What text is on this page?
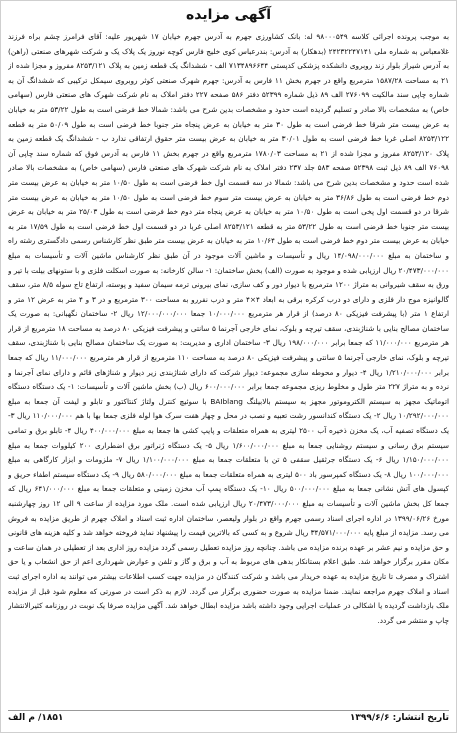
آگهی مزایده
به موجب پرونده اجرائی کلاسه ۹۸۰۰۰۵۴۹ له: بانک کشاورزی جهرم به آدرس جهرم خیابان ۱۷ شهریور علیه: آقای فرامرز چشم براه فرزند غلامعباس به شماره ملی ۲۴۲۳۲۲۴۷۱۴۱ (بدهکار) به آدرس: بندرعباس کوی خلیج فارس کوچه نوروز یک پلاک یک و شرکت شهرهای صنعتی (راهن) به آدرس شیراز بلوار زند روبروی دانشکده پزشکی کدپستی ۷۱۳۴۸۹۶۶۴۴ الف - ششدانگ یک قطعه زمین به پلاک ۸۲۵۳/۱۲۱ مفروز و مجزا شده از ۲۱ به مساحت ۱۵۸۷/۲۸ مترمربع واقع در جهرم بخش ۱۱ فارس به آدرس: جهرم شهرک صنعتی کوثر روبروی سیمکل ترکیبی که ششدانگ آن به شماره چاپی سند مالکیت ۲۷۶۰۹۹ الف ۸۹ ذیل شماره ۵۲۳۹۹ دفتر ۵۸۶ صفحه ۲۲۷ دفتر املاک به نام شرکت شهرک های صنعتی فارس (سهامی خاص) به مشخصات بالا صادر و تسلیم گردیده است حدود و مشخصات بدین شرح می باشد: شمالا خط فرضی است به طول ۵۳/۲۲ متر به خیابان به عرض بیست متر شرقا خط فرضی است به طول ۳۰ متر به خیابان به عرض پنجاه متر جنوبا خط فرضی است به طول ۵۰/۰۹ متر به قطعه ۸۲۵۳/۱۲۲ اصلی غربا خط فرضی است به طول ۳۰/۰۱ متر به خیابان به عرض بیست متر حقوق ارتفاقی ندارد ب - ششدانگ یک قطعه زمین به پلاک ۸۲۵۳/۱۲۰ مفروز و مجزا شده از ۲۱ به مساحت ۱۷۸۰/۰۳ مترمربع واقع در جهرم بخش ۱۱ فارس به آدرس فوق که شماره سند چاپی آن ۷۶۰۹۸ الف ۸۹ ذیل ثبت ۵۲۳۹۸ صفحه ۵۸۳ جلد ۲۳۷ دفتر املاک به نام شرکت شهرک های صنعتی فارس (سهامی خاص) به مشخصات بالا صادر شده است حدود و مشخصات بدین شرح می باشد: شمالا در سه قسمت اول خط فرضی است به طول ۱۰/۵۰ متر به خیابان به عرض بیست متر دوم خط فرضی است به طول ۳۶/۸۶ متر به خیابان به عرض بیست متر سوم خط فرضی است به طول ۱۰/۵۰ متر به خیابان به عرض بیست متر شرقا در دو قسمت اول پخی است به طول ۱۰/۵۰ متر به خیابان به عرض پنجاه متر دوم خط فرضی است به طول ۲۵/۰۳ متر به خیابان به عرض بیست متر جنوبا خط فرضی است به طول ۵۳/۲۲ متر به قطعه ۸۲۵۳/۱۲۱ اصلی غربا در دو قسمت اول خط فرضی است به طول ۱۷/۵۹ متر به خیابان به عرض بیست متر دوم خط فرضی است به طول ۱۰/۶۴ متر به خیابان به عرض بیست متر طبق نظر کارشناس رسمی دادگستری رشته راه و ساختمان به مبلغ ۱۴/۰۹۸/۰۰۰/۰۰۰ ریال و تأسیسات و ماشین آلات موجود در آن طبق نظر کارشناس ماشین آلات و تأسیسات به مبلغ ۲۰/۴۷۳/۰۰۰/۰۰۰ ریال ارزیابی شده و موجود به صورت (الف) بخش ساختمان: ۱- سالن کارخانه: به صورت اسکلت فلزی و با ستونهای بیلت با تیر و ورق به سقف شیروانی به متراژ ۱۲۰۰ مترمربع با دیوار دور و کف سازی، نمای بیرونی ترمه سیمان سفید و پوسته، ارتفاع تاج سوله ۸/۵ متر، سقف گالوانیزه موج دار فلزی و دارای دو درب کرکره برقی به ابعاد ۴×۴ متر و درب نفررو به مساحت ۳۰۰ مترمربع و در ۳ و ۴ متر به عرض ۱۲ متر و ارتفاع ۱ متر (با پیشرفت فیزیکی ۸۰ درصد) از قرار هر مترمربع ۱۰/۰۰۰/۰۰۰ جمعا ۱۲/۰۰۰/۰۰۰/۰۰۰ ریال ۲- ساختمان نگهبانی: به صورت یک ساختمان مصالح بنایی با شناژبندی، سقف تیرچه و بلوک، نمای خارجی آجرنما ۵ سانتی و پیشرفت فیزیکی ۸۰ درصد به مساحت ۱۸ مترمربع از قرار هر مترمربع ۱۱/۰۰۰/۰۰۰ که جمعا برابر ۱۹۸/۰۰۰/۰۰۰ ریال ۳- ساختمان اداری و مدیریت: به صورت یک ساختمان مصالح بنایی با شناژبندی، سقف تیرچه و بلوک، نمای خارجی آجرنما ۵ سانتی و پیشرفت فیزیکی ۸۰ درصد به مساحت ۱۱۰ مترمربع از قرار هر مترمربع ۱۱/۰۰۰/۰۰۰ ریال که جمعا برابر ۱/۲۱۰/۰۰۰/۰۰۰ ریال ۴- دیوار و محوطه سازی مجموعه: دیوار شرکت که دارای شناژبندی زیر دیوار و شناژهای قائم و دارای نمای آجرنما و نرده و به متراژ ۲۲۷ متر طول و مخلوط ریزی مجموعه جمعا برابر ۶۰۰/۰۰۰/۰۰۰ ریال (ب) بخش ماشین آلات و تأسیسات: ۱- یک دستگاه دستگاه اتوماتیک مجهز به سیستم الکتروموتور مجهز به سیستم بالابیلنگ BAIblang با سوئیچ کنترل ولتاژ کنتاکتور و تابلو و لیفت آن جمعا به مبلغ ۱۰/۲۹۲/۰۰۰/۰۰۰ ریال ۲- یک دستگاه کندانسور رشت تعبیه و نصب در محل و چهار هفت سرک هوا لوله فلزی جمعا بها با هم ۱۱۰/۰۰۰/۰۰۰ ریال ۳- یک دستگاه تصفیه آب، یک مخزن ذخیره آب ۲۵۰۰ لیتری به همراه متعلقات و پایپ کشی ها جمعا به مبلغ ۴۰۰/۰۰۰/۰۰۰ ریال ۴- تابلو برق و تمامی سیستم برق رسانی و سیستم روشنایی جمعا به مبلغ ۱/۶۰۰/۰۰۰/۰۰۰ ریال ۵- یک دستگاه ژنراتور برق اضطراری ۲۰۰ کیلووات جمعا به مبلغ ۱/۱۵۰/۰۰۰/۰۰۰ ریال ۶- یک دستگاه جرثقیل سقفی ۵ تن با متعلقات جمعا به مبلغ ۱/۱۰۰/۰۰۰/۰۰۰ ریال ۷- ملزومات و ابزار کارگاهی به مبلغ ۱۰۰/۰۰۰/۰۰۰ ریال ۸- یک دستگاه کمپرسور باد ۵۰۰ لیتری به همراه متعلقات جمعا به مبلغ ۵۸۰/۰۰۰/۰۰۰ ریال ۹- یک دستگاه سیستم اطفاء حریق و کپسول های آتش نشانی جمعا به مبلغ ۵۰۰/۰۰۰/۰۰۰ ریال ۱۰- یک دستگاه پمپ آب مخزن زمینی و متعلقات جمعا به مبلغ ۶۴۱/۰۰۰/۰۰۰ ریال که جمعا کل بخش ماشین آلات و تأسیسات به مبلغ ۲۰/۴۷۳/۰۰۰/۰۰۰ ریال ارزیابی شده است. ملک مورد مزایده از ساعت ۹ الی ۱۲ روز چهارشنبه مورخ ۱۳۹۹/۰۶/۲۶ در اداره اجرای اسناد رسمی جهرم واقع در بلوار ولیعصر، ساختمان اداره ثبت اسناد و املاک جهرم از طریق مزایده به فروش می رسد. مزایده از مبلغ پایه ۳۴/۵۷۱/۰۰۰/۰۰۰ ریال شروع و به کسی که بالاترین قیمت را پیشنهاد نماید فروخته خواهد شد و کلیه هزینه های قانونی و حق مزایده و نیم عشر بر عهده برنده مزایده می باشد. چنانچه روز مزایده تعطیل رسمی گردد مزایده روز اداری بعد از تعطیلی در همان ساعت و مکان مقرر برگزار خواهد شد. طبق اعلام بستانکار بدهی های مربوط به آب و برق و گاز و تلفن و عوارض شهرداری اعم از حق انشعاب و یا حق اشتراک و مصرف تا تاریخ مزایده به عهده خریدار می باشد و شرکت کنندگان در مزایده جهت کسب اطلاعات بیشتر می توانند به اداره اجرای ثبت اسناد و املاک جهرم مراجعه نمایند. ضمنا مزایده به صورت حضوری برگزار می گردد. لازم به ذکر است در صورتی که معلوم شود قبل از مزایده ملک بازداشت گردیده یا اشکالی در عملیات اجرایی وجود داشته باشد مزایده ابطال خواهد شد. آگهی مزایده صرفا یک نوبت در روزنامه کثیرالانتشار چاپ و منتشر می گردد.
تاریخ انتشار: ۱۳۹۹/۶/۶
۱۸۵۱/ م الف
